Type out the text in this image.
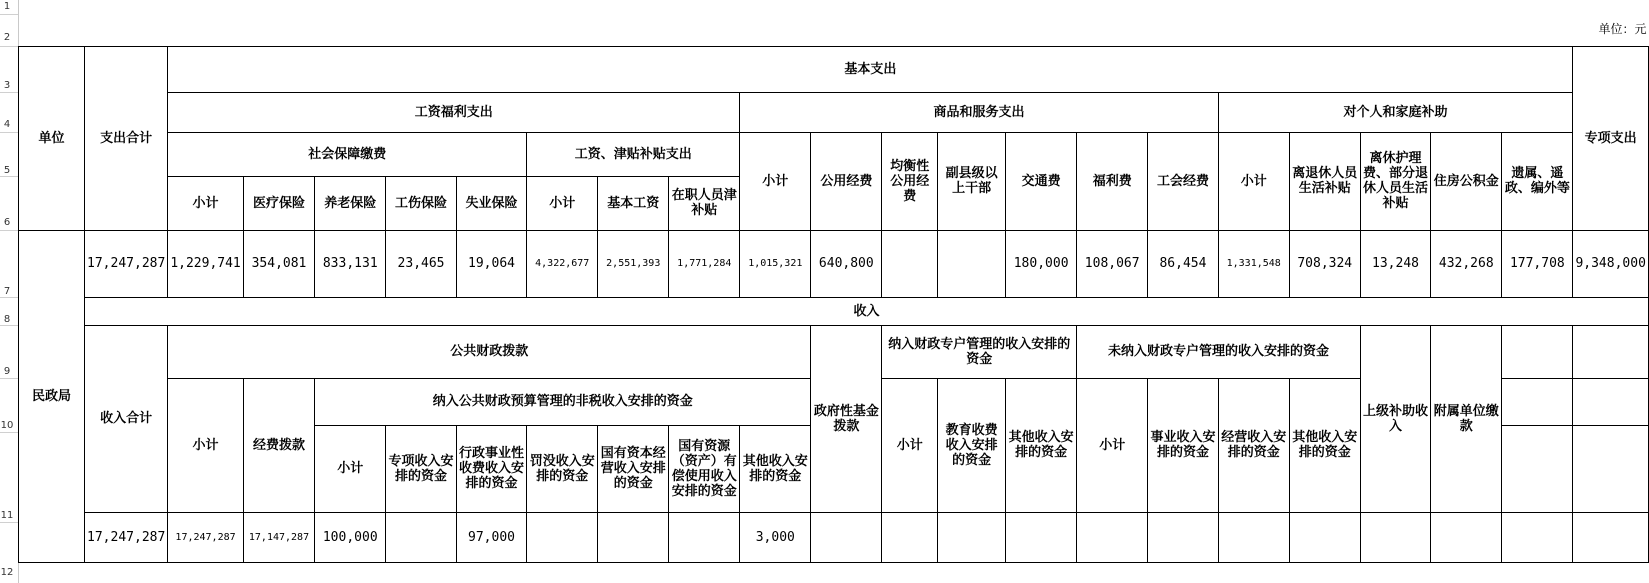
1
2
3
4
5
6
7
8
9
10
11
12
																					单位：元	
单位	支出合计	基本支出																				专项支出
		工资福利支出								商品和服务支出							对个人和家庭补助					
		社会保障缴费					工资、津贴补贴支出			小计	公用经费	均衡性公用经费	副县级以上干部	交通费	福利费	工会经费	小计	离退休人员生活补贴	离休护理费、部分退休人员生活补贴	住房公积金	遗属、遥政、编外等	
		小计	医疗保险	养老保险	工伤保险	失业保险	小计	基本工资	在职人员津补贴													
民政局	17,247,287	1,229,741	354,081	833,131	23,465	19,064	4,322,677	2,551,393	1,771,284	1,015,321	640,800			180,000	108,067	86,454	1,331,548	708,324	13,248	432,268	177,708	9,348,000
	收入																					
	收入合计	公共财政拨款									政府性基金拨款	纳入财政专户管理的收入安排的资金			未纳入财政专户管理的收入安排的资金				上级补助收入	附属单位缴款		
		小计	经费拨款	纳入公共财政预算管理的非税收入安排的资金								小计	教育收费收入安排的资金	其他收入安排的资金	小计	事业收入安排的资金	经营收入安排的资金	其他收入安排的资金				
				小计	专项收入安排的资金	行政事业性收费收入安排的资金	罚没收入安排的资金	国有资本经营收入安排的资金	国有资源（资产）有偿使用收入安排的资金	其他收入安排的资金												
	17,247,287	17,247,287	17,147,287	100,000		97,000				3,000												
